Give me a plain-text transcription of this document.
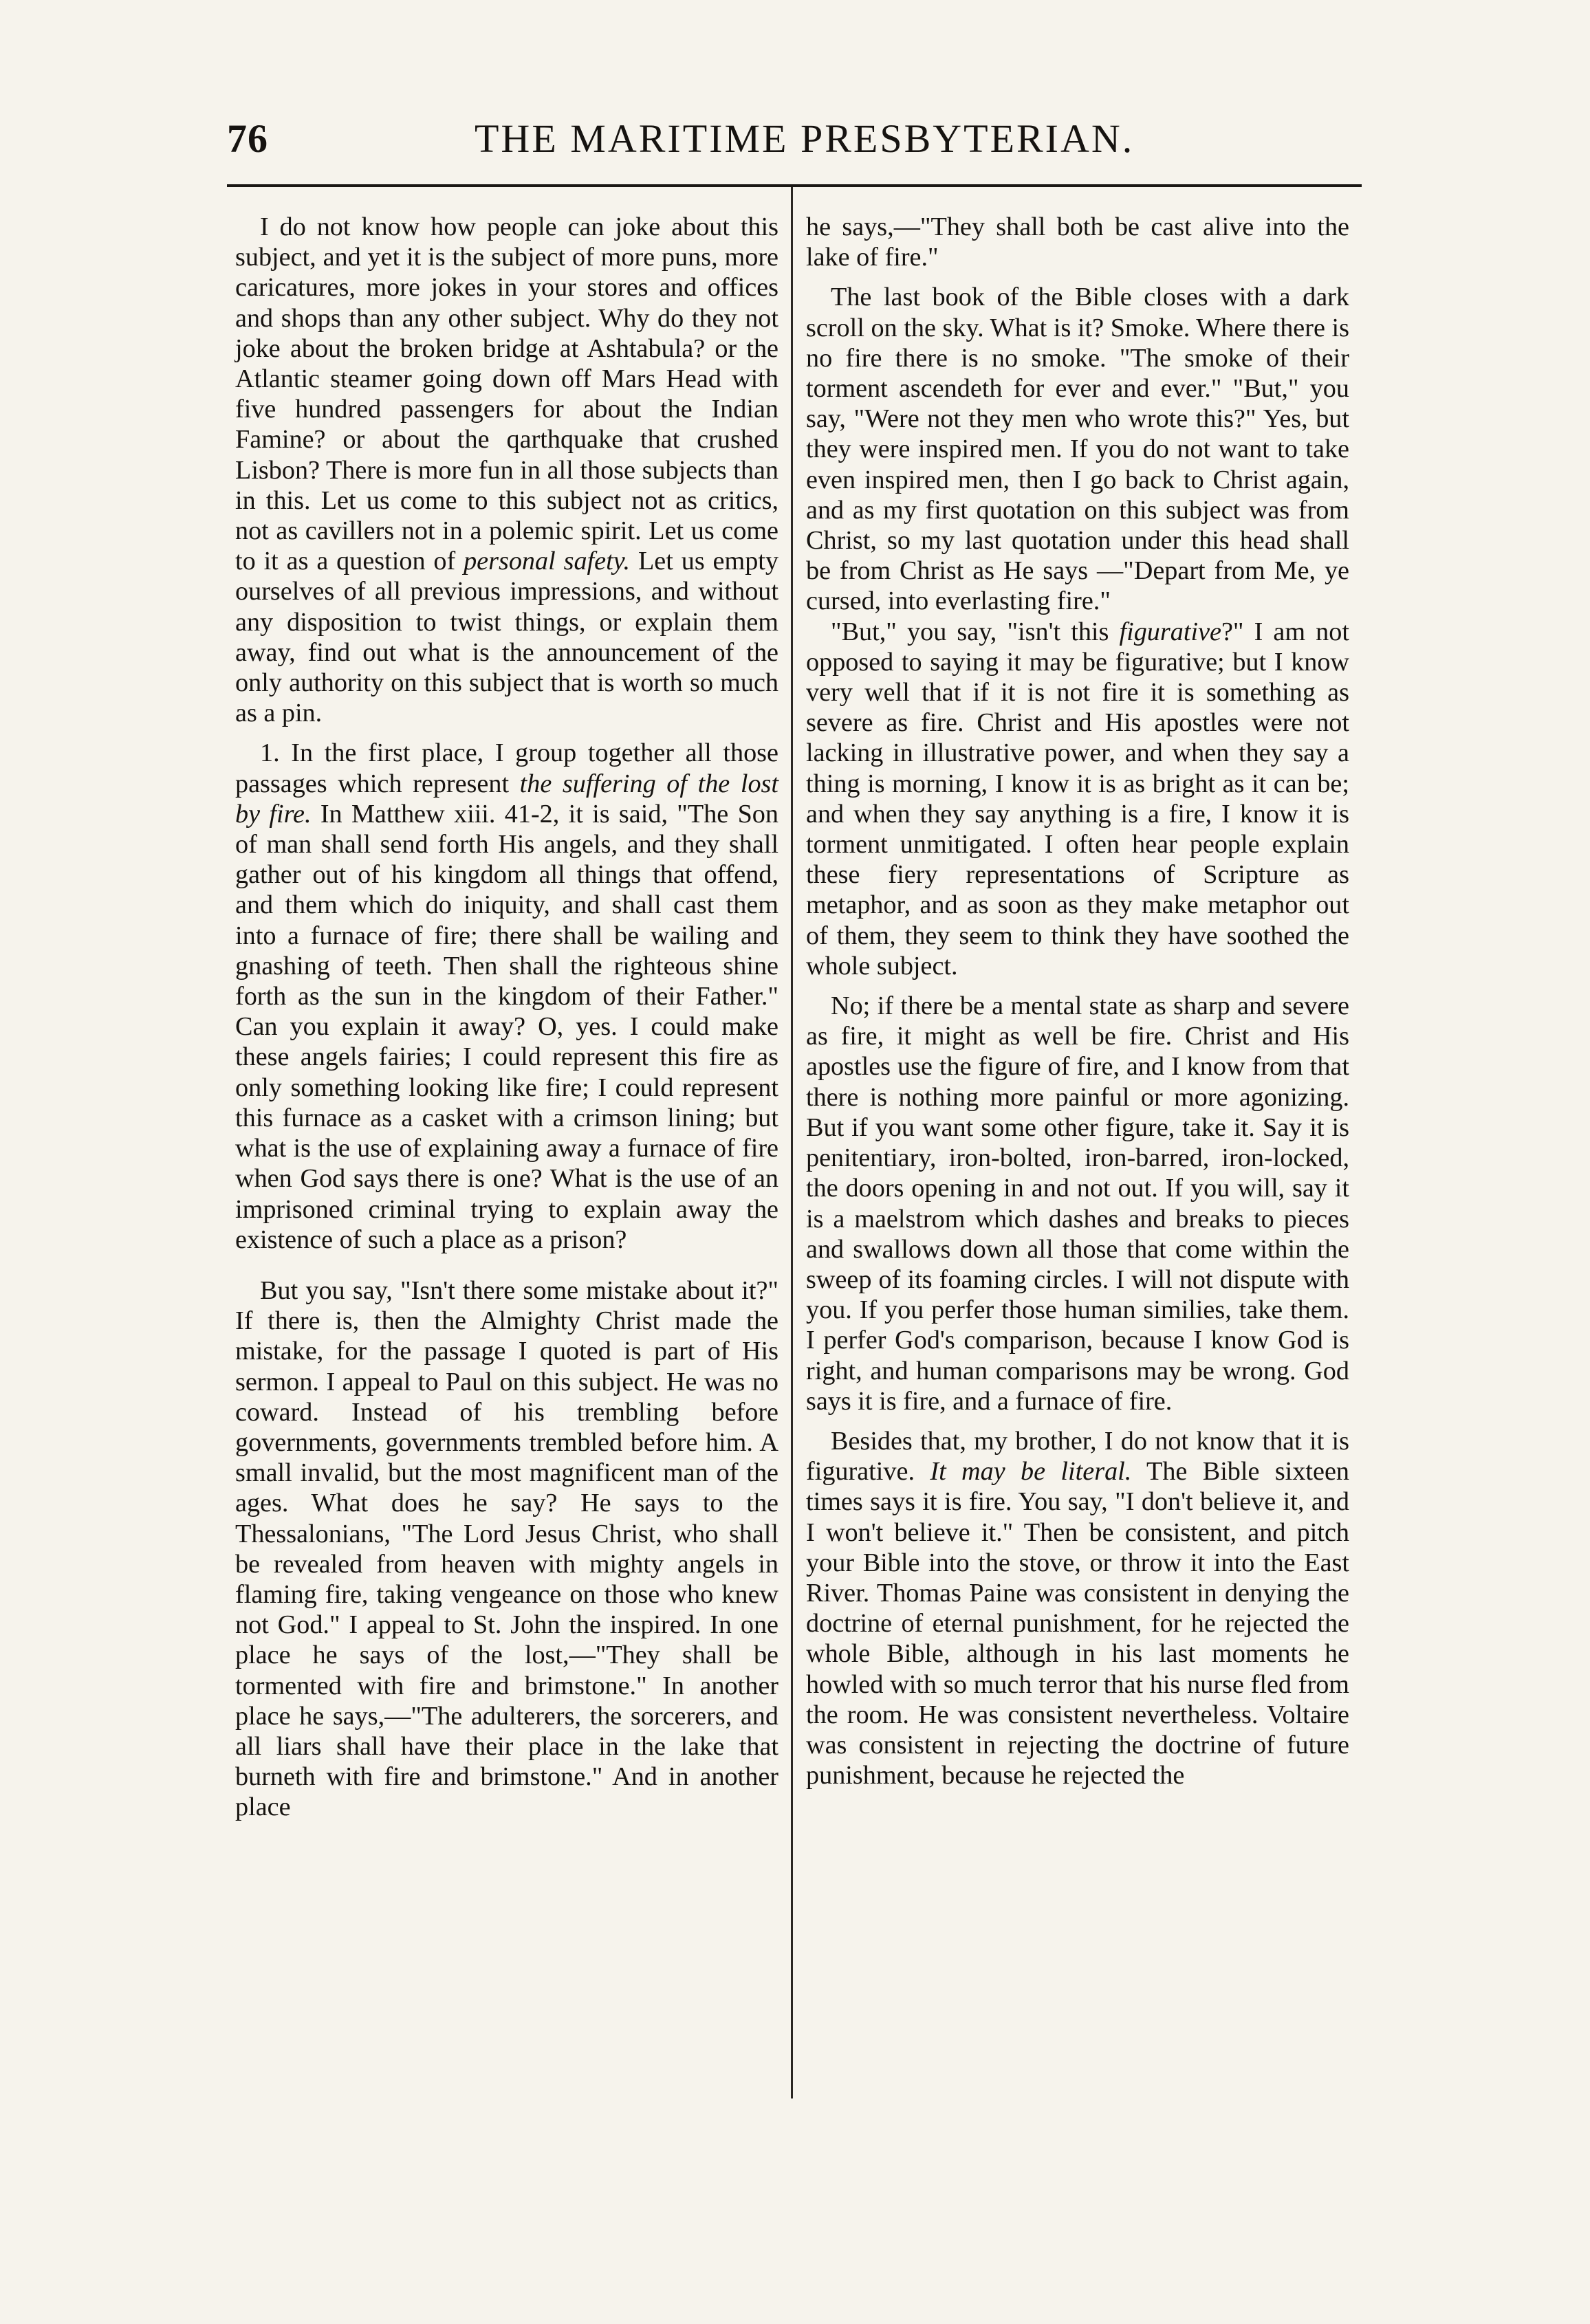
76	THE MARITIME PRESBYTERIAN.

I do not know how people can joke about this subject, and yet it is the subject of more puns, more caricatures, more jokes in your stores and offices and shops than any other subject. Why do they not joke about the broken bridge at Ashtabula? or the Atlantic steamer going down off Mars Head with five hundred passengers for about the Indian Famine? or about the qarthquake that crushed Lisbon? There is more fun in all those subjects than in this. Let us come to this subject not as critics, not as cavillers not in a polemic spirit. Let us come to it as a question of personal safety. Let us empty ourselves of all previous impressions, and without any disposition to twist things, or explain them away, find out what is the announcement of the only authority on this subject that is worth so much as a pin.

1. In the first place, I group together all those passages which represent the suffering of the lost by fire. In Matthew xiii. 41-2, it is said, "The Son of man shall send forth His angels, and they shall gather out of his kingdom all things that offend, and them which do iniquity, and shall cast them into a furnace of fire; there shall be wailing and gnashing of teeth. Then shall the righteous shine forth as the sun in the kingdom of their Father." Can you explain it away? O, yes. I could make these angels fairies; I could represent this fire as only something looking like fire; I could represent this furnace as a casket with a crimson lining; but what is the use of explaining away a furnace of fire when God says there is one? What is the use of an imprisoned criminal trying to explain away the existence of such a place as a prison?

But you say, "Isn't there some mistake about it?" If there is, then the Almighty Christ made the mistake, for the passage I quoted is part of His sermon. I appeal to Paul on this subject. He was no coward. Instead of his trembling before governments, governments trembled before him. A small invalid, but the most magnificent man of the ages. What does he say? He says to the Thessalonians, "The Lord Jesus Christ, who shall be revealed from heaven with mighty angels in flaming fire, taking vengeance on those who knew not God." I appeal to St. John the inspired. In one place he says of the lost,—"They shall be tormented with fire and brimstone." In another place he says,—"The adulterers, the sorcerers, and all liars shall have their place in the lake that burneth with fire and brimstone." And in another place

he says,—"They shall both be cast alive into the lake of fire."

The last book of the Bible closes with a dark scroll on the sky. What is it? Smoke. Where there is no fire there is no smoke. "The smoke of their torment ascendeth for ever and ever." "But," you say, "Were not they men who wrote this?" Yes, but they were inspired men. If you do not want to take even inspired men, then I go back to Christ again, and as my first quotation on this subject was from Christ, so my last quotation under this head shall be from Christ as He says —"Depart from Me, ye cursed, into everlasting fire."

"But," you say, "isn't this figurative?" I am not opposed to saying it may be figurative; but I know very well that if it is not fire it is something as severe as fire. Christ and His apostles were not lacking in illustrative power, and when they say a thing is morning, I know it is as bright as it can be; and when they say anything is a fire, I know it is torment unmitigated. I often hear people explain these fiery representations of Scripture as metaphor, and as soon as they make metaphor out of them, they seem to think they have soothed the whole subject.

No; if there be a mental state as sharp and severe as fire, it might as well be fire. Christ and His apostles use the figure of fire, and I know from that there is nothing more painful or more agonizing. But if you want some other figure, take it. Say it is penitentiary, iron-bolted, iron-barred, iron-locked, the doors opening in and not out. If you will, say it is a maelstrom which dashes and breaks to pieces and swallows down all those that come within the sweep of its foaming circles. I will not dispute with you. If you perfer those human similies, take them. I perfer God's comparison, because I know God is right, and human comparisons may be wrong. God says it is fire, and a furnace of fire.

Besides that, my brother, I do not know that it is figurative. It may be literal. The Bible sixteen times says it is fire. You say, "I don't believe it, and I won't believe it." Then be consistent, and pitch your Bible into the stove, or throw it into the East River. Thomas Paine was consistent in denying the doctrine of eternal punishment, for he rejected the whole Bible, although in his last moments he howled with so much terror that his nurse fled from the room. He was consistent nevertheless. Voltaire was consistent in rejecting the doctrine of future punishment, because he rejected the
